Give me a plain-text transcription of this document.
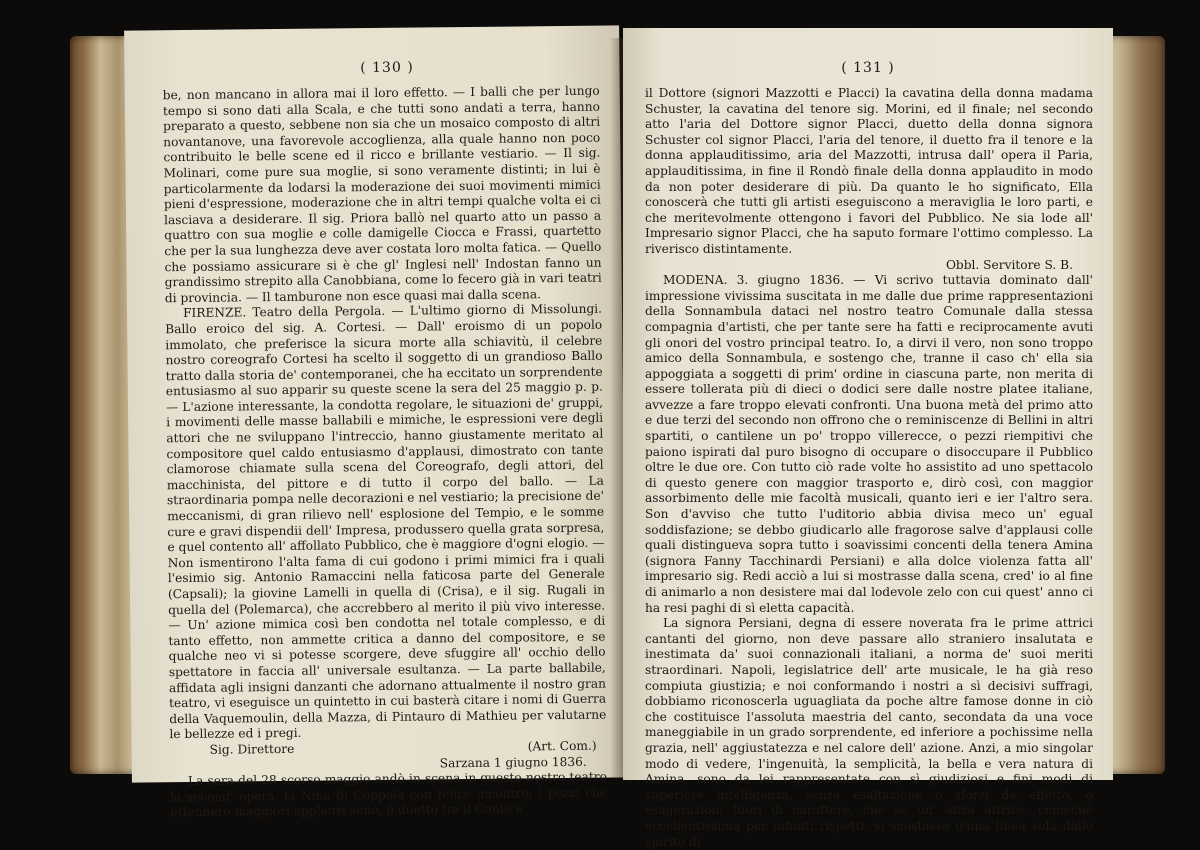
( 130 )

be, non mancano in allora mai il loro effetto. — I balli che per lungo tempo si sono dati alla Scala, e che tutti sono andati a terra, hanno preparato a questo, sebbene non sia che un mosaico composto di altri novantanove, una favorevole accoglienza, alla quale hanno non poco contribuito le belle scene ed il ricco e brillante vestiario. — Il sig. Molinari, come pure sua moglie, si sono veramente distinti; in lui è particolarmente da lodarsi la moderazione dei suoi movimenti mimici pieni d'espressione, moderazione che in altri tempi qualche volta ei ci lasciava a desiderare. Il sig. Priora ballò nel quarto atto un passo a quattro con sua moglie e colle damigelle Ciocca e Frassi, quartetto che per la sua lunghezza deve aver costata loro molta fatica. — Quello che possiamo assicurare si è che gl' Inglesi nell' Indostan fanno un grandissimo strepito alla Canobbiana, come lo fecero già in vari teatri di provincia. — Il tamburone non esce quasi mai dalla scena.

FIRENZE. Teatro della Pergola. — L'ultimo giorno di Missolungi. Ballo eroico del sig. A. Cortesi. — Dall' eroismo di un popolo immolato, che preferisce la sicura morte alla schiavitù, il celebre nostro coreografo Cortesi ha scelto il soggetto di un grandioso Ballo tratto dalla storia de' contemporanei, che ha eccitato un sorprendente entusiasmo al suo apparir su queste scene la sera del 25 maggio p. p. — L'azione interessante, la condotta regolare, le situazioni de' gruppi, i movimenti delle masse ballabili e mimiche, le espressioni vere degli attori che ne sviluppano l'intreccio, hanno giustamente meritato al compositore quel caldo entusiasmo d'applausi, dimostrato con tante clamorose chiamate sulla scena del Coreografo, degli attori, del macchinista, del pittore e di tutto il corpo del ballo. — La straordinaria pompa nelle decorazioni e nel vestiario; la precisione de' meccanismi, di gran rilievo nell' esplosione del Tempio, e le somme cure e gravi dispendii dell' Impresa, produssero quella grata sorpresa, e quel contento all' affollato Pubblico, che è maggiore d'ogni elogio. — Non ismentirono l'alta fama di cui godono i primi mimici fra i quali l'esimio sig. Antonio Ramaccini nella faticosa parte del Generale (Capsali); la giovine Lamelli in quella di (Crisa), e il sig. Rugali in quella del (Polemarca), che accrebbero al merito il più vivo interesse. — Un' azione mimica così ben condotta nel totale complesso, e di tanto effetto, non ammette critica a danno del compositore, e se qualche neo vi si potesse scorgere, deve sfuggire all' occhio dello spettatore in faccia all' universale esultanza. — La parte ballabile, affidata agli insigni danzanti che adornano attualmente il nostro gran teatro, vi eseguisce un quintetto in cui basterà citare i nomi di Guerra della Vaquemoulin, della Mazza, di Pintauro di Mathieu per valutarne le bellezze ed i pregi.

Sig. Direttore	(Art. Com.)
Sarzana 1 giugno 1836.

La sera del 28 scorso maggio andò in scena in questo nostro teatro la second' opera, la Nina di Coppola con felice incontro; i pezzi che ottennero maggiori applausi sono, il duetto fra il Conte e

( 131 )

il Dottore (signori Mazzotti e Placci) la cavatina della donna madama Schuster, la cavatina del tenore sig. Morini, ed il finale; nel secondo atto l'aria del Dottore signor Placci, duetto della donna signora Schuster col signor Placci, l'aria del tenore, il duetto fra il tenore e la donna applauditissimo, aria del Mazzotti, intrusa dall' opera il Paria, applauditissima, in fine il Rondò finale della donna applaudito in modo da non poter desiderare di più. Da quanto le ho significato, Ella conoscerà che tutti gli artisti eseguiscono a meraviglia le loro parti, e che meritevolmente ottengono i favori del Pubblico. Ne sia lode all' Impresario signor Placci, che ha saputo formare l'ottimo complesso. La riverisco distintamente.

Obbl. Servitore S. B.

MODENA. 3. giugno 1836. — Vi scrivo tuttavia dominato dall' impressione vivissima suscitata in me dalle due prime rappresentazioni della Sonnambula dataci nel nostro teatro Comunale dalla stessa compagnia d'artisti, che per tante sere ha fatti e reciprocamente avuti gli onori del vostro principal teatro. Io, a dirvi il vero, non sono troppo amico della Sonnambula, e sostengo che, tranne il caso ch' ella sia appoggiata a soggetti di prim' ordine in ciascuna parte, non merita di essere tollerata più di dieci o dodici sere dalle nostre platee italiane, avvezze a fare troppo elevati confronti. Una buona metà del primo atto e due terzi del secondo non offrono che o reminiscenze di Bellini in altri spartiti, o cantilene un po' troppo villerecce, o pezzi riempitivi che paiono ispirati dal puro bisogno di occupare o disoccupare il Pubblico oltre le due ore. Con tutto ciò rade volte ho assistito ad uno spettacolo di questo genere con maggior trasporto e, dirò così, con maggior assorbimento delle mie facoltà musicali, quanto ieri e ier l'altro sera. Son d'avviso che tutto l'uditorio abbia divisa meco un' egual soddisfazione; se debbo giudicarlo alle fragorose salve d'applausi colle quali distingueva sopra tutto i soavissimi concenti della tenera Amina (signora Fanny Tacchinardi Persiani) e alla dolce violenza fatta all' impresario sig. Redi acciò a lui si mostrasse dalla scena, cred' io al fine di animarlo a non desistere mai dal lodevole zelo con cui quest' anno ci ha resi paghi di sì eletta capacità.

La signora Persiani, degna di essere noverata fra le prime attrici cantanti del giorno, non deve passare allo straniero insalutata e inestimata da' suoi connazionali italiani, a norma de' suoi meriti straordinari. Napoli, legislatrice dell' arte musicale, le ha già reso compiuta giustizia; e noi conformando i nostri a sì decisivi suffragi, dobbiamo riconoscerla uguagliata da poche altre famose donne in ciò che costituisce l'assoluta maestria del canto, secondata da una voce maneggiabile in un grado sorprendente, ed inferiore a pochissime nella grazia, nell' aggiustatezza e nel calore dell' azione. Anzi, a mio singolar modo di vedere, l'ingenuità, la semplicità, la bella e vera natura di Amina, sono da lei rappresentate con sì giudiziosi e fini modi di superiore intelligenza, senza esaltazione o sforzi da effetto, o esagerazioni fuori di carattere, che se un' altra attrice, comechè eccellentissima per infiniti rispetti, si scostasse d'una linea sola dallo spirito di
